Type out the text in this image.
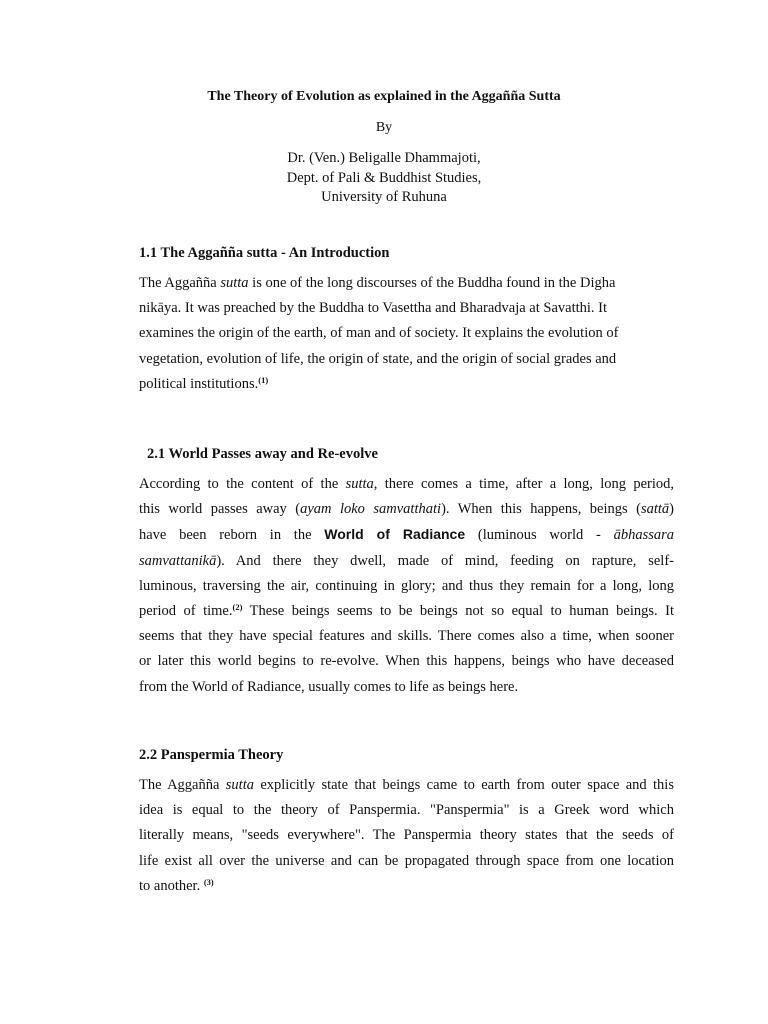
The Theory of Evolution as explained in the Aggañña Sutta
By
Dr. (Ven.) Beligalle Dhammajoti,
Dept. of Pali & Buddhist Studies,
University of Ruhuna
1.1 The Aggañña sutta - An Introduction
The Aggañña sutta is one of the long discourses of the Buddha found in the Digha
nikāya. It was preached by the Buddha to Vasettha and Bharadvaja at Savatthi. It
examines the origin of the earth, of man and of society. It explains the evolution of
vegetation, evolution of life, the origin of state, and the origin of social grades and
political institutions.$^{(1)}$
2.1 World Passes away and Re-evolve
According to the content of the sutta, there comes a time, after a long, long period,
this world passes away (ayam loko samvatthati). When this happens, beings (sattā)
have been reborn in the World of Radiance (luminous world - ābhassara
samvattanikā). And there they dwell, made of mind, feeding on rapture, self-
luminous, traversing the air, continuing in glory; and thus they remain for a long, long
period of time.$^{(2)}$ These beings seems to be beings not so equal to human beings. It
seems that they have special features and skills. There comes also a time, when sooner
or later this world begins to re-evolve. When this happens, beings who have deceased
from the World of Radiance, usually comes to life as beings here.
2.2 Panspermia Theory
The Aggañña sutta explicitly state that beings came to earth from outer space and this
idea is equal to the theory of Panspermia. "Panspermia" is a Greek word which
literally means, "seeds everywhere". The Panspermia theory states that the seeds of
life exist all over the universe and can be propagated through space from one location
to another. $^{(3)}$
